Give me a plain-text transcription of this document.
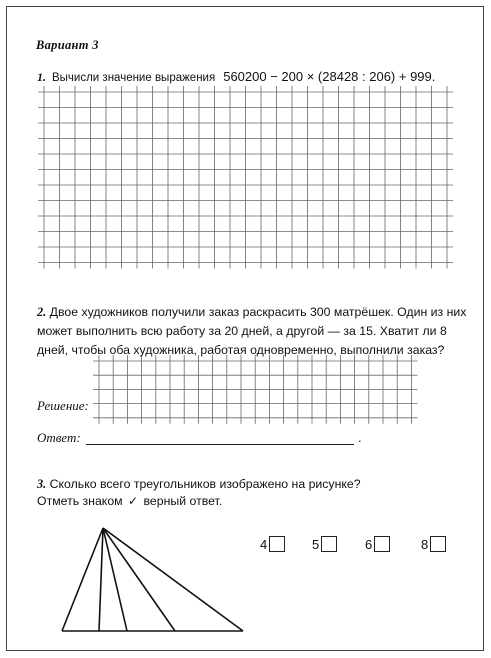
Вариант 3
1. Вычисли значение выражения 560200 − 200 × (28428 : 206) + 999.
2. Двое художников получили заказ раскрасить 300 матрёшек. Один из них может выполнить всю работу за 20 дней, а другой — за 15. Хватит ли 8 дней, чтобы оба художника, работая одновременно, выполнили заказ?
Решение:
Ответ:	.
3. Сколько всего треугольников изображено на рисунке?
Отметь знаком ✓ верный ответ.
4	5	6	8
